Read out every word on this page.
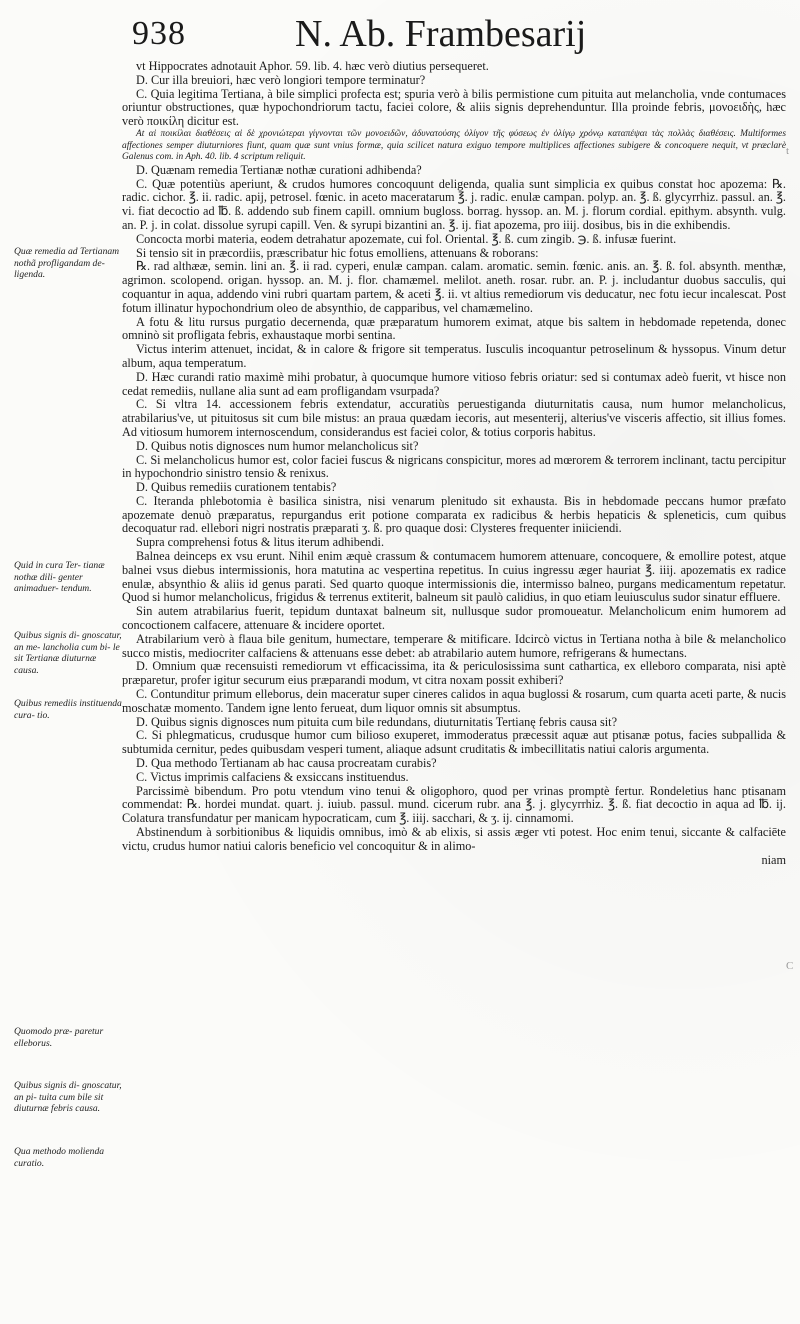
938	N. Ab. Frambesarij
Quæ remedia ad Tertianam nothã profligandam de- ligenda.
Quid in cura Ter- tianæ nothæ dili- genter animaduer- tendum.
Quibus signis di- gnoscatur, an me- lancholia cum bi- le sit Tertianæ diuturnæ causa.
Quibus remediis instituenda cura- tio.
Quomodo præ- paretur elleborus.
Quibus signis di- gnoscatur, an pi- tuita cum bile sit diuturnæ febris causa.
Qua methodo molienda curatio.

vt Hippocrates adnotauit Aphor. 59. lib. 4. hæc verò diutius persequeret.

D. Cur illa breuiori, hæc verò longiori tempore terminatur?

C. Quia legitima Tertiana, à bile simplici profecta est; spuria verò à bilis permistione cum pituita aut melancholia, vnde contumaces oriuntur obstructiones, quæ hypochondriorum tactu, faciei colore, & aliis signis deprehenduntur. Illa proinde febris, μονοειδὴς, hæc verò ποικίλη dicitur est.

At αἱ ποικίλαι διαθέσεις αἱ δὲ χρονιώτεραι γίγνονται τῶν μονοειδῶν, ἀδυνατούσης ὀλίγον τῆς φύσεως ἐν ὀλίγῳ χρόνῳ καταπέψαι τὰς πολλὰς διαθέσεις. Multiformes affectiones semper diuturniores fiunt, quam quæ sunt vnius formæ, quia scilicet natura exiguo tempore multiplices affectiones subigere & concoquere nequit, vt præclarè Galenus com. in Aph. 40. lib. 4 scriptum reliquit.

D. Quænam remedia Tertianæ nothæ curationi adhibenda?

C. Quæ potentiùs aperiunt, & crudos humores concoquunt deligenda, qualia sunt simplicia ex quibus constat hoc apozema: ℞. radic. cichor. ℥. ii. radic. apij, petrosel. fœnic. in aceto maceratarum ℥. j. radic. enulæ campan. polyp. an. ℥. ß. glycyrrhiz. passul. an. ℥. vi. fiat decoctio ad ℔. ß. addendo sub finem capill. omnium bugloss. borrag. hyssop. an. M. j. florum cordial. epithym. absynth. vulg. an. P. j. in colat. dissolue syrupi capill. Ven. & syrupi bizantini an. ℥. ij. fiat apozema, pro iiij. dosibus, bis in die exhibendis.

Concocta morbi materia, eodem detrahatur apozemate, cui fol. Oriental. ℥. ß. cum zingib. ℈. ß. infusæ fuerint.

Si tensio sit in præcordiis, præscribatur hic fotus emolliens, attenuans & roborans:

℞. rad althææ, semin. lini an. ℥. ii rad. cyperi, enulæ campan. calam. aromatic. semin. fœnic. anis. an. ℥. ß. fol. absynth. menthæ, agrimon. scolopend. origan. hyssop. an. M. j. flor. chamæmel. melilot. aneth. rosar. rubr. an. P. j. includantur duobus sacculis, qui coquantur in aqua, addendo vini rubri quartam partem, & aceti ℥. ii. vt altius remediorum vis deducatur, nec fotu iecur incalescat. Post fotum illinatur hypochondrium oleo de absynthio, de capparibus, vel chamæmelino.

A fotu & litu rursus purgatio decernenda, quæ præparatum humorem eximat, atque bis saltem in hebdomade repetenda, donec omninò sit profligata febris, exhaustaque morbi sentina.

Victus interim attenuet, incidat, & in calore & frigore sit temperatus. Iusculis incoquantur petroselinum & hyssopus. Vinum detur album, aqua temperatum.

D. Hæc curandi ratio maximè mihi probatur, à quocumque humore vitioso febris oriatur: sed si contumax adeò fuerit, vt hisce non cedat remediis, nullane alia sunt ad eam profligandam vsurpada?

C. Si vltra 14. accessionem febris extendatur, accuratiùs peruestiganda diuturnitatis causa, num humor melancholicus, atrabilarius've, ut pituitosus sit cum bile mistus: an praua quædam iecoris, aut mesenterij, alterius've visceris affectio, sit illius fomes. Ad vitiosum humorem internoscendum, considerandus est faciei color, & totius corporis habitus.

D. Quibus notis dignosces num humor melancholicus sit?

C. Si melancholicus humor est, color faciei fuscus & nigricans conspicitur, mores ad mœrorem & terrorem inclinant, tactu percipitur in hypochondrio sinistro tensio & renixus.

D. Quibus remediis curationem tentabis?

C. Iteranda phlebotomia è basilica sinistra, nisi venarum plenitudo sit exhausta. Bis in hebdomade peccans humor præfato apozemate denuò præparatus, repurgandus erit potione comparata ex radicibus & herbis hepaticis & spleneticis, cum quibus decoquatur rad. ellebori nigri nostratis præparati ʒ. ß. pro quaque dosi: Clysteres frequenter iniiciendi.

Supra comprehensi fotus & litus iterum adhibendi.

Balnea deinceps ex vsu erunt. Nihil enim æquè crassum & contumacem humorem attenuare, concoquere, & emollire potest, atque balnei vsus diebus intermissionis, hora matutina ac vespertina repetitus. In cuius ingressu æger hauriat ℥. iiij. apozematis ex radice enulæ, absynthio & aliis id genus parati. Sed quarto quoque intermissionis die, intermisso balneo, purgans medicamentum repetatur. Quod si humor melancholicus, frigidus & terrenus extiterit, balneum sit paulò calidius, in quo etiam leuiusculus sudor sinatur effluere.

Sin autem atrabilarius fuerit, tepidum duntaxat balneum sit, nullusque sudor promoueatur. Melancholicum enim humorem ad concoctionem calfacere, attenuare & incidere oportet.

Atrabilarium verò à flaua bile genitum, humectare, temperare & mitificare. Idcircò victus in Tertiana notha à bile & melancholico succo mistis, mediocriter calfaciens & attenuans esse debet: ab atrabilario autem humore, refrigerans & humectans.

D. Omnium quæ recensuisti remediorum vt efficacissima, ita & periculosissima sunt cathartica, ex elleboro comparata, nisi aptè præparetur, profer igitur securum eius præparandi modum, vt citra noxam possit exhiberi?

C. Contunditur primum elleborus, dein maceratur super cineres calidos in aqua buglossi & rosarum, cum quarta aceti parte, & nucis moschatæ momento. Tandem igne lento ferueat, dum liquor omnis sit absumptus.

D. Quibus signis dignosces num pituita cum bile redundans, diuturnitatis Tertianę febris causa sit?

C. Si phlegmaticus, crudusque humor cum bilioso exuperet, immoderatus præcessit aquæ aut ptisanæ potus, facies subpallida & subtumida cernitur, pedes quibusdam vesperi tument, aliaque adsunt cruditatis & imbecillitatis natiui caloris argumenta.

D. Qua methodo Tertianam ab hac causa procreatam curabis?

C. Victus imprimis calfaciens & exsiccans instituendus.

Parcissimè bibendum. Pro potu vtendum vino tenui & oligophoro, quod per vrinas promptè fertur. Rondeletius hanc ptisanam commendat: ℞. hordei mundat. quart. j. iuiub. passul. mund. cicerum rubr. ana ℥. j. glycyrrhiz. ℥. ß. fiat decoctio in aqua ad ℔. ij. Colatura transfundatur per manicam hypocraticam, cum ℥. iiij. sacchari, & ʒ. ij. cinnamomi.

Abstinendum à sorbitionibus & liquidis omnibus, imò & ab elixis, si assis æger vti potest. Hoc enim tenui, siccante & calfaciēte victu, crudus humor natiui caloris beneficio vel concoquitur & in alimo-

niam

t
C
